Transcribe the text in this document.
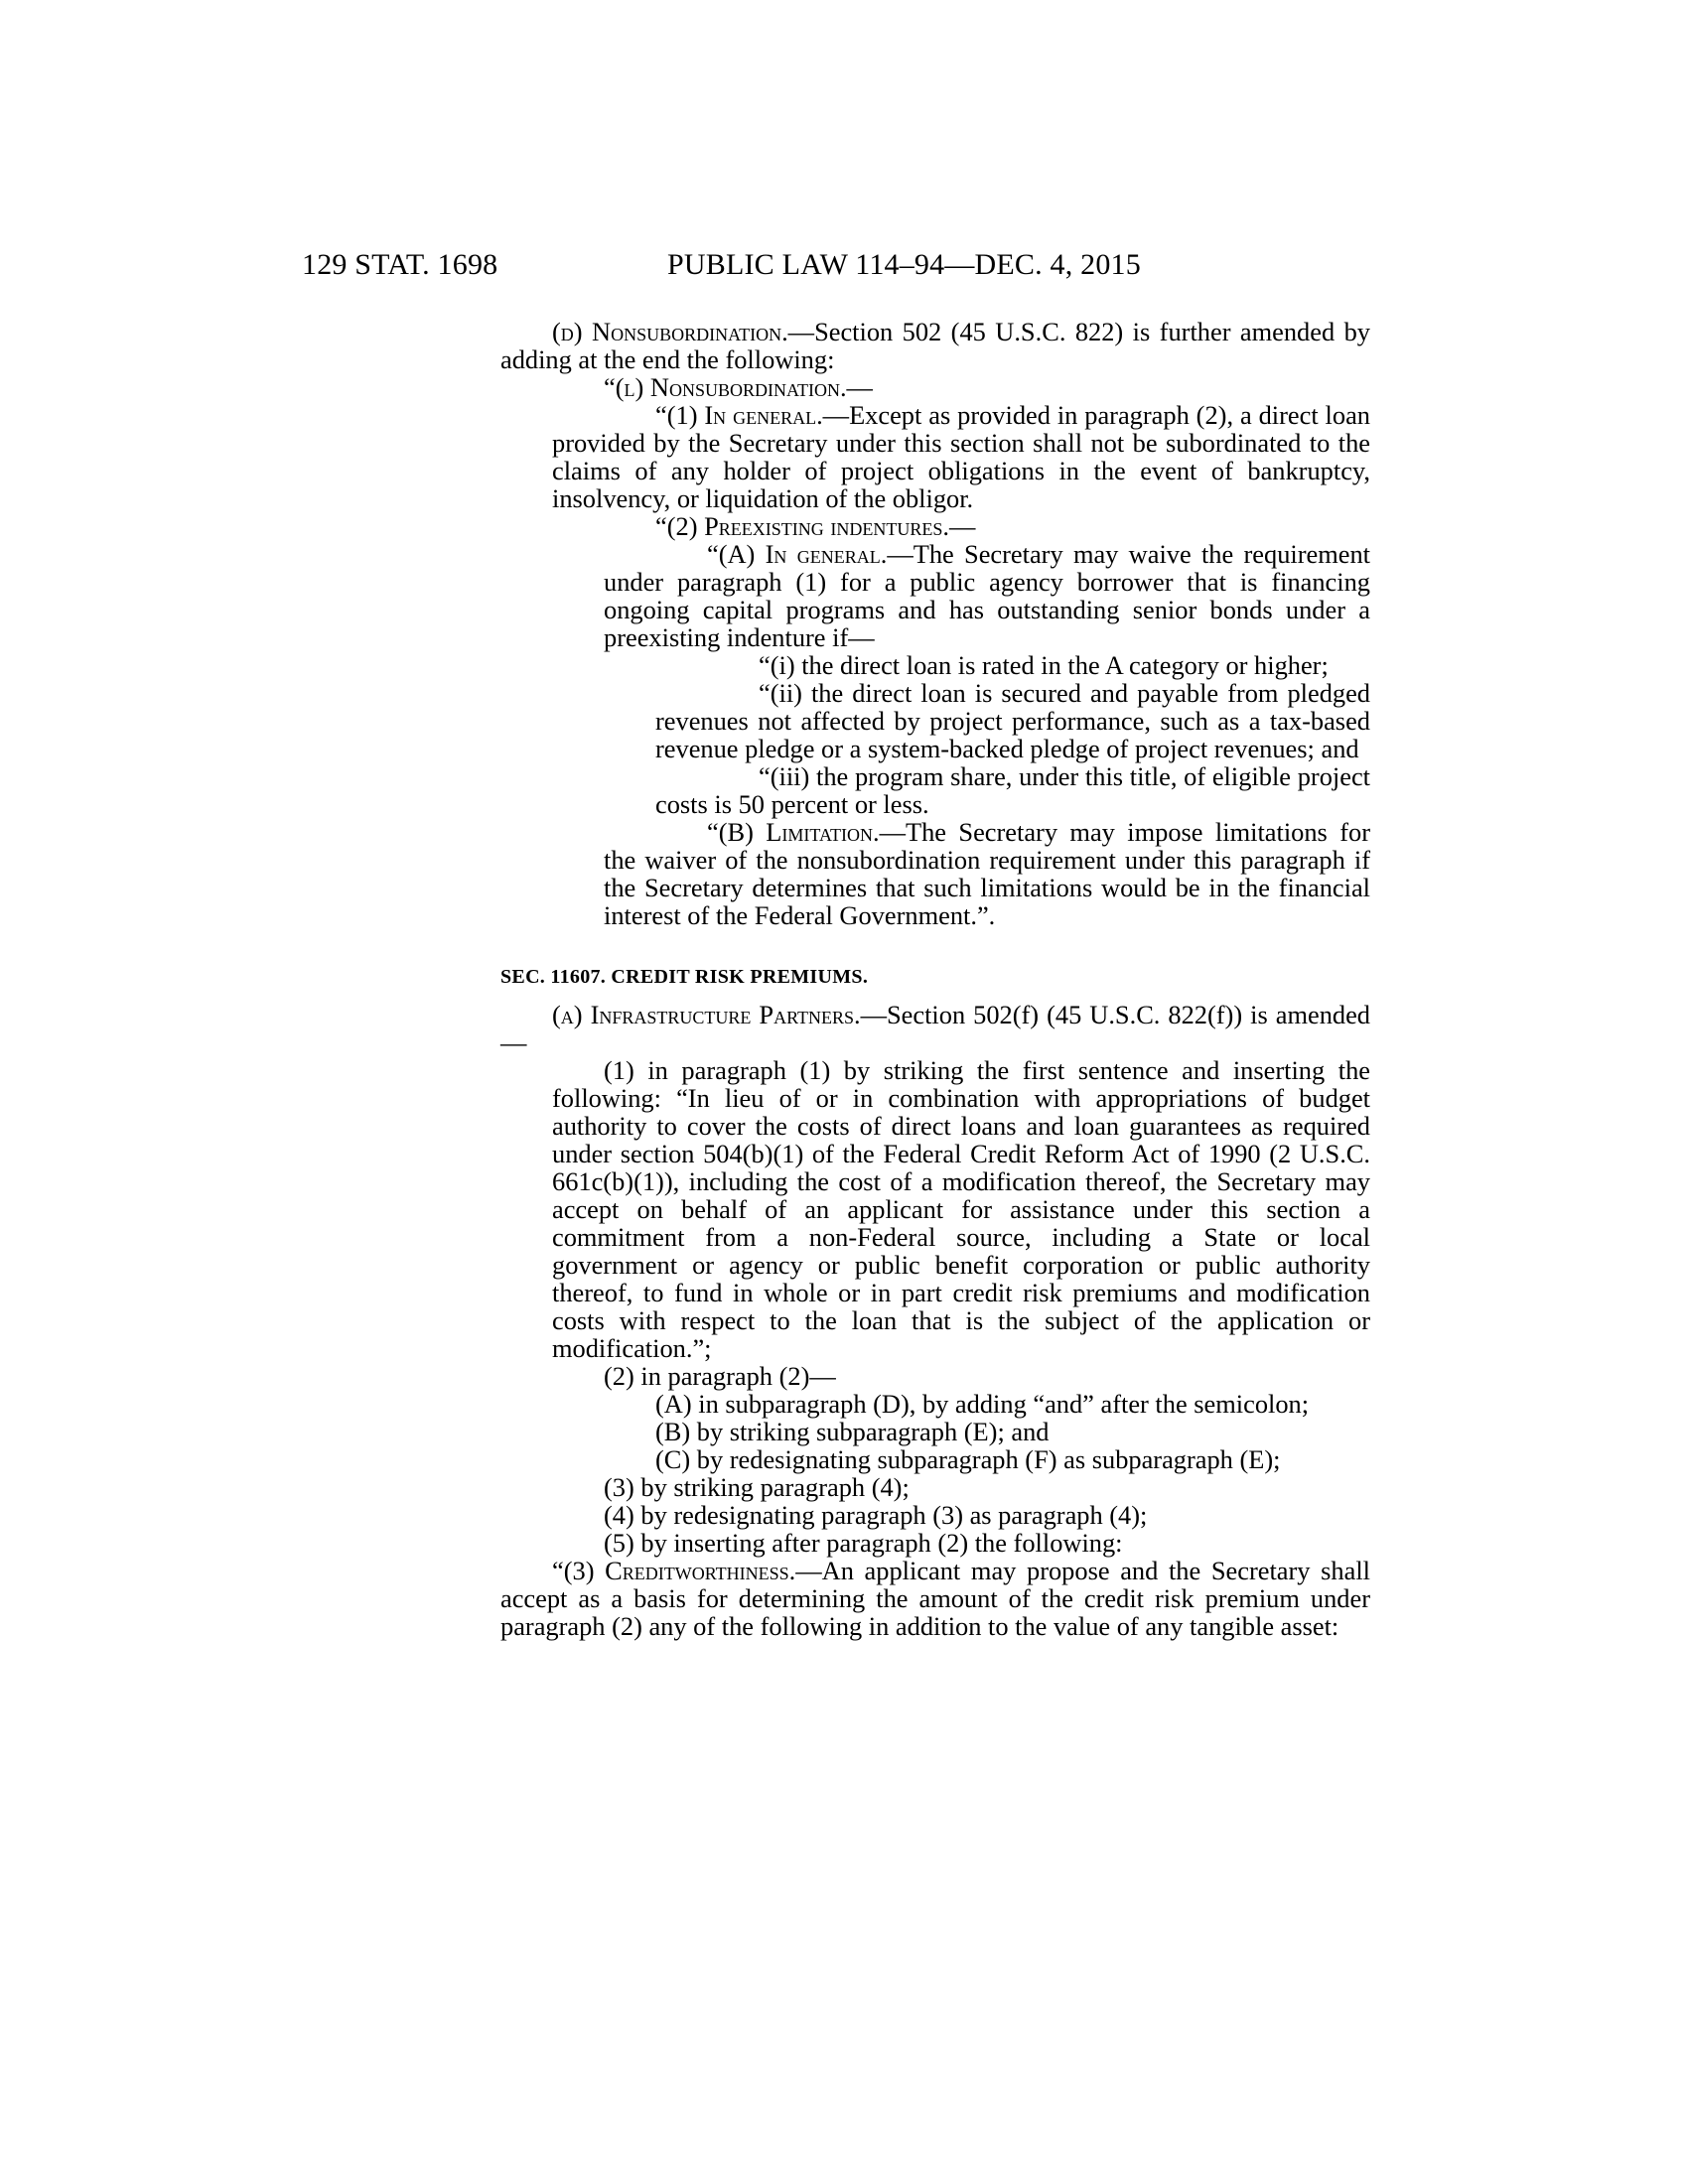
129 STAT. 1698	PUBLIC LAW 114–94—DEC. 4, 2015

(d) Nonsubordination.—Section 502 (45 U.S.C. 822) is further amended by adding at the end the following:

“(l) Nonsubordination.—

“(1) In general.—Except as provided in paragraph (2), a direct loan provided by the Secretary under this section shall not be subordinated to the claims of any holder of project obligations in the event of bankruptcy, insolvency, or liquidation of the obligor.

“(2) Preexisting indentures.—

“(A) In general.—The Secretary may waive the requirement under paragraph (1) for a public agency borrower that is financing ongoing capital programs and has outstanding senior bonds under a preexisting indenture if—

“(i) the direct loan is rated in the A category or higher;

“(ii) the direct loan is secured and payable from pledged revenues not affected by project performance, such as a tax-based revenue pledge or a system-backed pledge of project revenues; and

“(iii) the program share, under this title, of eligible project costs is 50 percent or less.

“(B) Limitation.—The Secretary may impose limitations for the waiver of the nonsubordination requirement under this paragraph if the Secretary determines that such limitations would be in the financial interest of the Federal Government.”.

SEC. 11607. CREDIT RISK PREMIUMS.

(a) Infrastructure Partners.—Section 502(f) (45 U.S.C. 822(f)) is amended—

(1) in paragraph (1) by striking the first sentence and inserting the following: “In lieu of or in combination with appropriations of budget authority to cover the costs of direct loans and loan guarantees as required under section 504(b)(1) of the Federal Credit Reform Act of 1990 (2 U.S.C. 661c(b)(1)), including the cost of a modification thereof, the Secretary may accept on behalf of an applicant for assistance under this section a commitment from a non-Federal source, including a State or local government or agency or public benefit corporation or public authority thereof, to fund in whole or in part credit risk premiums and modification costs with respect to the loan that is the subject of the application or modification.”;

(2) in paragraph (2)—

(A) in subparagraph (D), by adding “and” after the semicolon;

(B) by striking subparagraph (E); and

(C) by redesignating subparagraph (F) as subparagraph (E);

(3) by striking paragraph (4);

(4) by redesignating paragraph (3) as paragraph (4);

(5) by inserting after paragraph (2) the following:

“(3) Creditworthiness.—An applicant may propose and the Secretary shall accept as a basis for determining the amount of the credit risk premium under paragraph (2) any of the following in addition to the value of any tangible asset:
